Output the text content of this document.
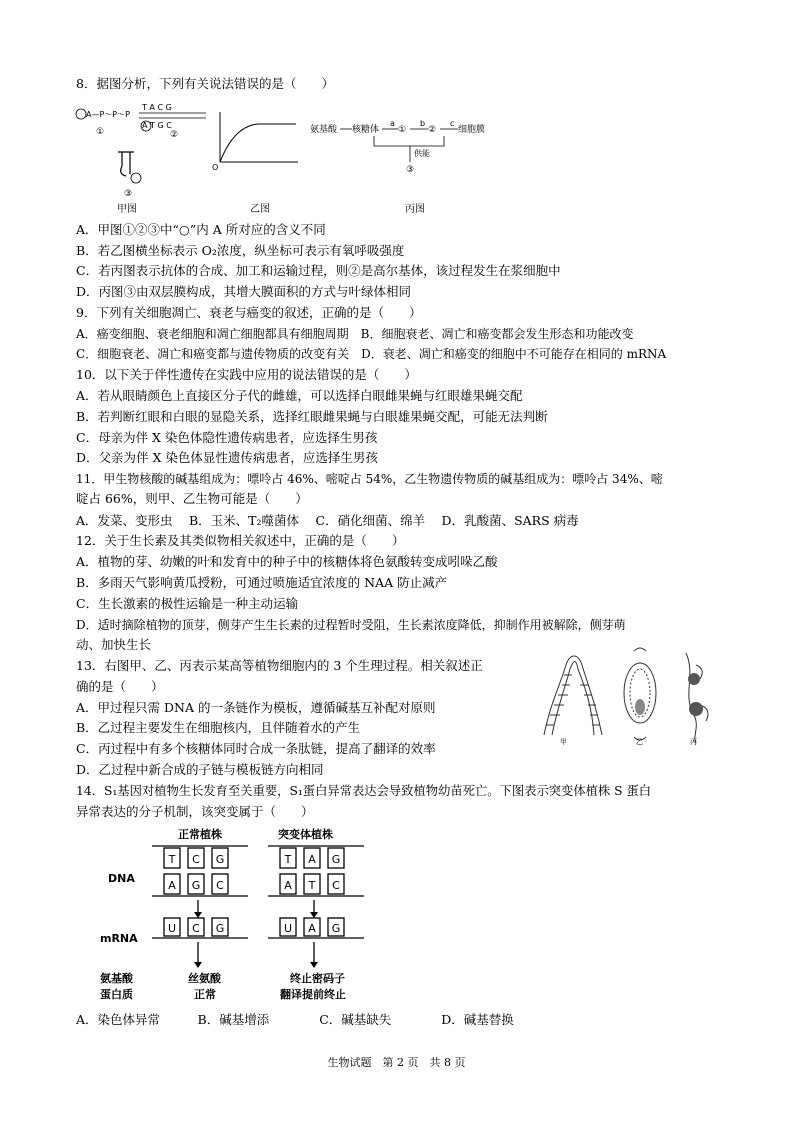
8．据图分析，下列有关说法错误的是（　　）
A—P～P～P
①
T A C G
A T G C
②
③
甲图
O
乙图
氨基酸 核糖体
a
①
b
②
c
细胞膜
供能
③
丙图
A．甲图①②③中“○”内 A 所对应的含义不同
B．若乙图横坐标表示 O₂浓度，纵坐标可表示有氧呼吸强度
C．若丙图表示抗体的合成、加工和运输过程，则②是高尔基体，该过程发生在浆细胞中
D．丙图③由双层膜构成，其增大膜面积的方式与叶绿体相同
9．下列有关细胞凋亡、衰老与癌变的叙述，正确的是（　　）
A．癌变细胞、衰老细胞和凋亡细胞都具有细胞周期　B．细胞衰老、凋亡和癌变都会发生形态和功能改变
C．细胞衰老、凋亡和癌变都与遗传物质的改变有关　D．衰老、凋亡和癌变的细胞中不可能存在相同的 mRNA
10．以下关于伴性遗传在实践中应用的说法错误的是（　　）
A．若从眼睛颜色上直接区分子代的雌雄，可以选择白眼雌果蝇与红眼雄果蝇交配
B．若判断红眼和白眼的显隐关系，选择红眼雌果蝇与白眼雄果蝇交配，可能无法判断
C．母亲为伴 X 染色体隐性遗传病患者，应选择生男孩
D．父亲为伴 X 染色体显性遗传病患者，应选择生男孩
11．甲生物核酸的碱基组成为：嘌呤占 46%、嘧啶占 54%，乙生物遗传物质的碱基组成为：嘌呤占 34%、嘧
啶占 66%，则甲、乙生物可能是（　　）
A．发菜、变形虫　 B．玉米、T₂噬菌体　 C．硝化细菌、绵羊　 D．乳酸菌、SARS 病毒
12．关于生长素及其类似物相关叙述中，正确的是（　　）
A．植物的芽、幼嫩的叶和发育中的种子中的核糖体将色氨酸转变成吲哚乙酸
B．多雨天气影响黄瓜授粉，可通过喷施适宜浓度的 NAA 防止减产
C．生长激素的极性运输是一种主动运输
D．适时摘除植物的顶芽，侧芽产生生长素的过程暂时受阻，生长素浓度降低，抑制作用被解除，侧芽萌
动、加快生长
13．右图甲、乙、丙表示某高等植物细胞内的 3 个生理过程。相关叙述正
确的是（　　）
A．甲过程只需 DNA 的一条链作为模板，遵循碱基互补配对原则
B．乙过程主要发生在细胞核内，且伴随着水的产生
C．丙过程中有多个核糖体同时合成一条肽链，提高了翻译的效率
D．乙过程中新合成的子链与模板链方向相同
甲	乙	丙
14．S₁基因对植物生长发育至关重要，S₁蛋白异常表达会导致植物幼苗死亡。下图表示突变体植株 S 蛋白
异常表达的分子机制，该突变属于（　　）
正常植株	突变体植株
DNA
mRNA
氨基酸
蛋白质
丝氨酸
正常
终止密码子
翻译提前终止
T C G
A G C
U C G
T A G
A T C
U A G
A．染色体异常　　　B．碱基增添　　　　C．碱基缺失　　　　D．碱基替换
生物试题　第 2 页　共 8 页
